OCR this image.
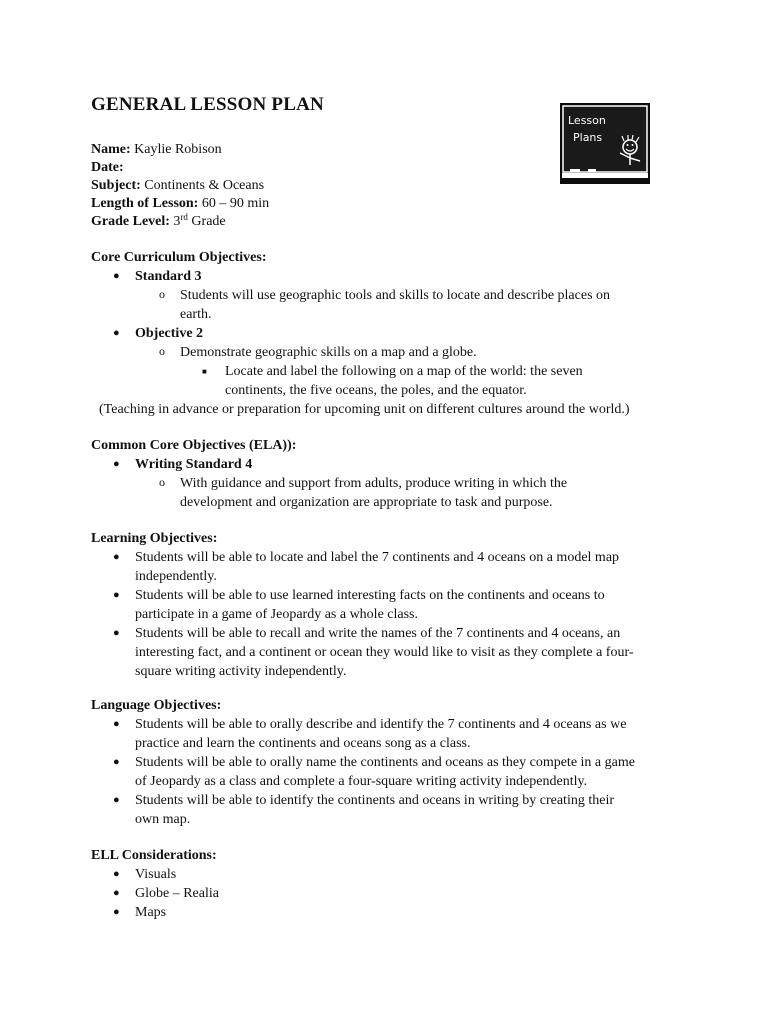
GENERAL LESSON PLAN
Lesson
Plans
Name: Kaylie Robison
Date:
Subject: Continents & Oceans
Length of Lesson: 60 – 90 min
Grade Level: 3rd Grade
Core Curriculum Objectives:
● Standard 3
o Students will use geographic tools and skills to locate and describe places on
earth.
● Objective 2
o Demonstrate geographic skills on a map and a globe.
■ Locate and label the following on a map of the world: the seven
continents, the five oceans, the poles, and the equator.
(Teaching in advance or preparation for upcoming unit on different cultures around the world.)
Common Core Objectives (ELA)):
● Writing Standard 4
o With guidance and support from adults, produce writing in which the
development and organization are appropriate to task and purpose.
Learning Objectives:
● Students will be able to locate and label the 7 continents and 4 oceans on a model map
independently.
● Students will be able to use learned interesting facts on the continents and oceans to
participate in a game of Jeopardy as a whole class.
● Students will be able to recall and write the names of the 7 continents and 4 oceans, an
interesting fact, and a continent or ocean they would like to visit as they complete a four-
square writing activity independently.
Language Objectives:
● Students will be able to orally describe and identify the 7 continents and 4 oceans as we
practice and learn the continents and oceans song as a class.
● Students will be able to orally name the continents and oceans as they compete in a game
of Jeopardy as a class and complete a four-square writing activity independently.
● Students will be able to identify the continents and oceans in writing by creating their
own map.
ELL Considerations:
● Visuals
● Globe – Realia
● Maps
